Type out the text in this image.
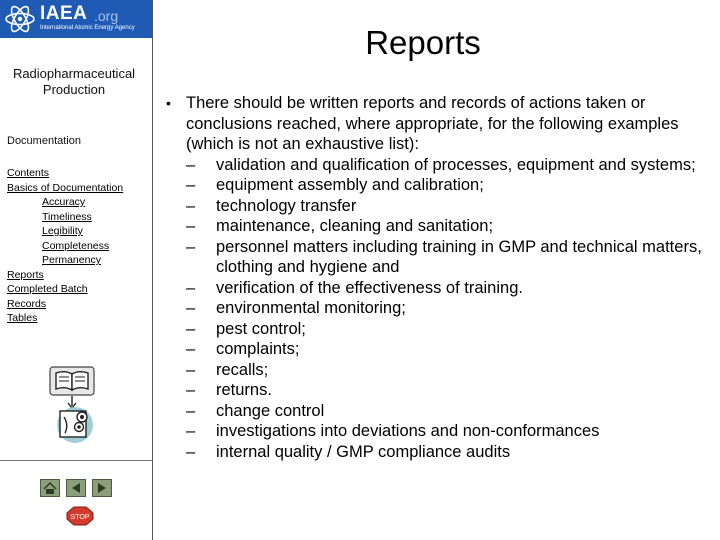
IAEA .org
International Atomic Energy Agency
Radiopharmaceutical Production
Documentation
Contents
Basics of Documentation
Accuracy
Timeliness
Legibility
Completeness
Permanency
Reports
Completed Batch Records
Tables
STOP
Reports
• There should be written reports and records of actions taken or conclusions reached, where appropriate, for the following examples (which is not an exhaustive list):
– validation and qualification of processes, equipment and systems;
– equipment assembly and calibration;
– technology transfer
– maintenance, cleaning and sanitation;
– personnel matters including training in GMP and technical matters, clothing and hygiene and
– verification of the effectiveness of training.
– environmental monitoring;
– pest control;
– complaints;
– recalls;
– returns.
– change control
– investigations into deviations and non-conformances
– internal quality / GMP compliance audits
